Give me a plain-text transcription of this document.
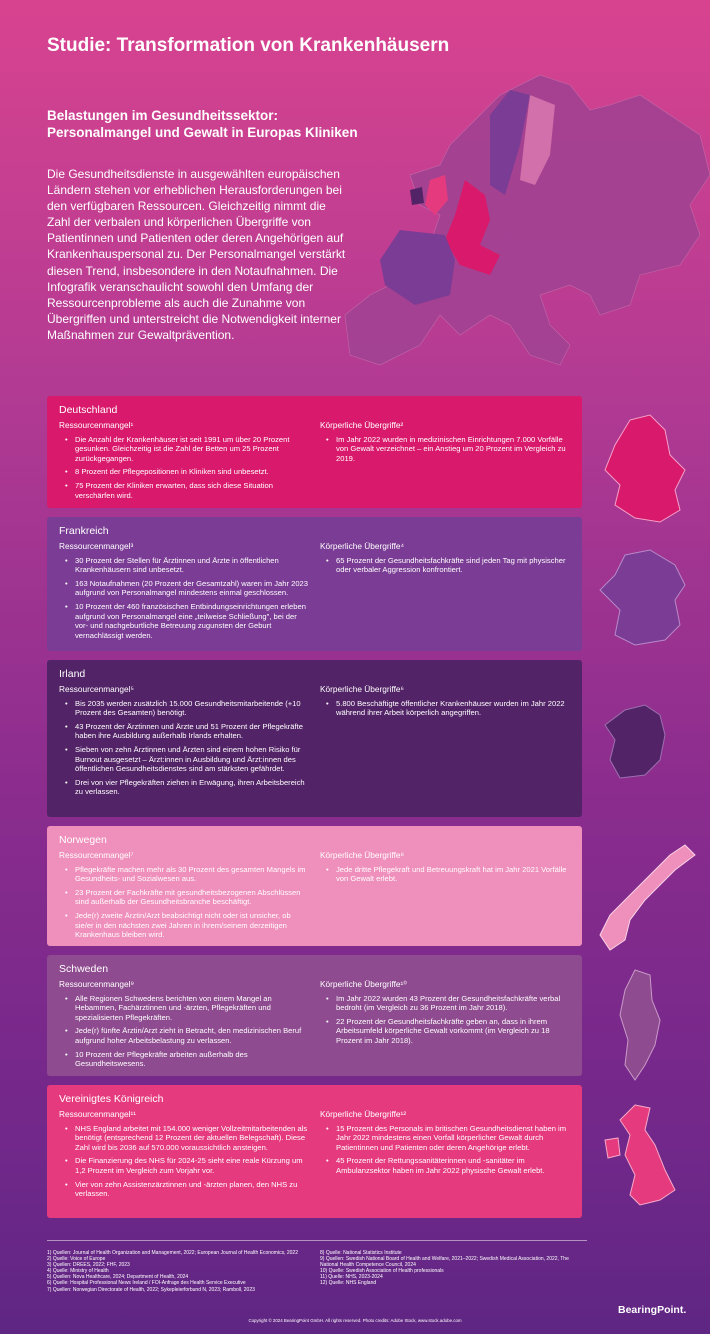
Studie: Transformation von Krankenhäusern
Belastungen im Gesundheitssektor: Personalmangel und Gewalt in Europas Kliniken
Die Gesundheitsdienste in ausgewählten europäischen Ländern stehen vor erheblichen Herausforderungen bei den verfügbaren Ressourcen. Gleichzeitig nimmt die Zahl der verbalen und körperlichen Übergriffe von Patientinnen und Patienten oder deren Angehörigen auf Krankenhauspersonal zu. Der Personalmangel verstärkt diesen Trend, insbesondere in den Notaufnahmen. Die Infografik veranschaulicht sowohl den Umfang der Ressourcenprobleme als auch die Zunahme von Übergriffen und unterstreicht die Notwendigkeit interner Maßnahmen zur Gewaltprävention.
Deutschland
Ressourcenmangel¹
• Die Anzahl der Krankenhäuser ist seit 1991 um über 20 Prozent gesunken. Gleichzeitig ist die Zahl der Betten um 25 Prozent zurückgegangen.
• 8 Prozent der Pflegepositionen in Kliniken sind unbesetzt.
• 75 Prozent der Kliniken erwarten, dass sich diese Situation verschärfen wird.
Körperliche Übergriffe²
• Im Jahr 2022 wurden in medizinischen Einrichtungen 7.000 Vorfälle von Gewalt verzeichnet – ein Anstieg um 20 Prozent im Vergleich zu 2019.
Frankreich
Ressourcenmangel³
• 30 Prozent der Stellen für Ärztinnen und Ärzte in öffentlichen Krankenhäusern sind unbesetzt.
• 163 Notaufnahmen (20 Prozent der Gesamtzahl) waren im Jahr 2023 aufgrund von Personalmangel mindestens einmal geschlossen.
• 10 Prozent der 460 französischen Entbindungseinrichtungen erleben aufgrund von Personalmangel eine „teilweise Schließung", bei der vor- und nachgeburtliche Betreuung zugunsten der Geburt vernachlässigt werden.
Körperliche Übergriffe⁴
• 65 Prozent der Gesundheitsfachkräfte sind jeden Tag mit physischer oder verbaler Aggression konfrontiert.
Irland
Ressourcenmangel⁵
• Bis 2035 werden zusätzlich 15.000 Gesundheitsmitarbeitende (+10 Prozent des Gesamten) benötigt.
• 43 Prozent der Ärztinnen und Ärzte und 51 Prozent der Pflegekräfte haben ihre Ausbildung außerhalb Irlands erhalten.
• Sieben von zehn Ärztinnen und Ärzten sind einem hohen Risiko für Burnout ausgesetzt – Ärzt:innen in Ausbildung und Ärzt:innen des öffentlichen Gesundheitsdienstes sind am stärksten gefährdet.
• Drei von vier Pflegekräften ziehen in Erwägung, ihren Arbeitsbereich zu verlassen.
Körperliche Übergriffe⁶
• 5.800 Beschäftigte öffentlicher Krankenhäuser wurden im Jahr 2022 während ihrer Arbeit körperlich angegriffen.
Norwegen
Ressourcenmangel⁷
• Pflegekräfte machen mehr als 30 Prozent des gesamten Mangels im Gesundheits- und Sozialwesen aus.
• 23 Prozent der Fachkräfte mit gesundheitsbezogenen Abschlüssen sind außerhalb der Gesundheitsbranche beschäftigt.
• Jede(r) zweite Ärztin/Arzt beabsichtigt nicht oder ist unsicher, ob sie/er in den nächsten zwei Jahren in ihrem/seinem derzeitigen Krankenhaus bleiben wird.
Körperliche Übergriffe⁸
• Jede dritte Pflegekraft und Betreuungskraft hat im Jahr 2021 Vorfälle von Gewalt erlebt.
Schweden
Ressourcenmangel⁹
• Alle Regionen Schwedens berichten von einem Mangel an Hebammen, Fachärztinnen und -ärzten, Pflegekräften und spezialisierten Pflegekräften.
• Jede(r) fünfte Ärztin/Arzt zieht in Betracht, den medizinischen Beruf aufgrund hoher Arbeitsbelastung zu verlassen.
• 10 Prozent der Pflegekräfte arbeiten außerhalb des Gesundheitswesens.
Körperliche Übergriffe¹⁰
• Im Jahr 2022 wurden 43 Prozent der Gesundheitsfachkräfte verbal bedroht (im Vergleich zu 36 Prozent im Jahr 2018).
• 22 Prozent der Gesundheitsfachkräfte geben an, dass in ihrem Arbeitsumfeld körperliche Gewalt vorkommt (im Vergleich zu 18 Prozent im Jahr 2018).
Vereinigtes Königreich
Ressourcenmangel¹¹
• NHS England arbeitet mit 154.000 weniger Vollzeitmitarbeitenden als benötigt (entsprechend 12 Prozent der aktuellen Belegschaft). Diese Zahl wird bis 2036 auf 570.000 voraussichtlich ansteigen.
• Die Finanzierung des NHS für 2024-25 sieht eine reale Kürzung um 1,2 Prozent im Vergleich zum Vorjahr vor.
• Vier von zehn Assistenzärztinnen und -ärzten planen, den NHS zu verlassen.
Körperliche Übergriffe¹²
• 15 Prozent des Personals im britischen Gesundheitsdienst haben im Jahr 2022 mindestens einen Vorfall körperlicher Gewalt durch Patientinnen und Patienten oder deren Angehörige erlebt.
• 45 Prozent der Rettungssanitäterinnen und -sanitäter im Ambulanzsektor haben im Jahr 2022 physische Gewalt erlebt.
1) Quellen: Journal of Health Organization and Management, 2022; European Journal of Health Economics, 2022
2) Quelle: Voice of Europe
3) Quellen: DREES, 2022; FHF, 2023
4) Quelle: Ministry of Health
5) Quellen: Nova Healthcare, 2024; Department of Health, 2024
6) Quelle: Hospital Professional News Ireland / FOI-Anfrage des Health Service Executive
7) Quellen: Norwegian Directorate of Health, 2022; Sykepleierforbund N, 2023; Ramboll, 2023
8) Quelle: National Statistics Institute
9) Quellen: Swedish National Board of Health and Welfare, 2021–2022; Swedish Medical Association, 2022, The National Health Competence Council, 2024
10) Quelle: Swedish Association of Health professionals
11) Quelle: NHS, 2023-2024
12) Quelle: NHS England
Copyright © 2024 BearingPoint GmbH. All rights reserved. Photo credits: Adobe Stock, www.stock.adobe.com
BearingPoint.
